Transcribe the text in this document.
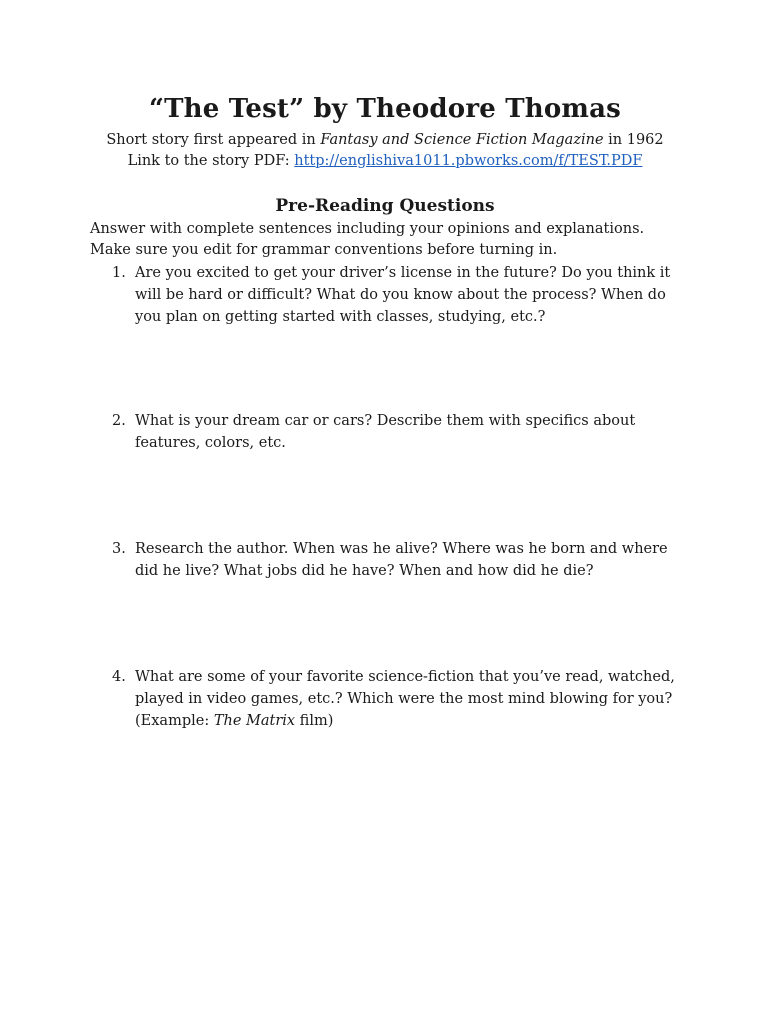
“The Test” by Theodore Thomas
Short story first appeared in Fantasy and Science Fiction Magazine in 1962
Link to the story PDF: http://englishiva1011.pbworks.com/f/TEST.PDF
Pre-Reading Questions

Answer with complete sentences including your opinions and explanations. Make sure you edit for grammar conventions before turning in.

1. Are you excited to get your driver’s license in the future? Do you think it will be hard or difficult? What do you know about the process? When do you plan on getting started with classes, studying, etc.?
2. What is your dream car or cars? Describe them with specifics about features, colors, etc.
3. Research the author. When was he alive? Where was he born and where did he live? What jobs did he have? When and how did he die?
4. What are some of your favorite science-fiction that you’ve read, watched, played in video games, etc.? Which were the most mind blowing for you? (Example: The Matrix film)
